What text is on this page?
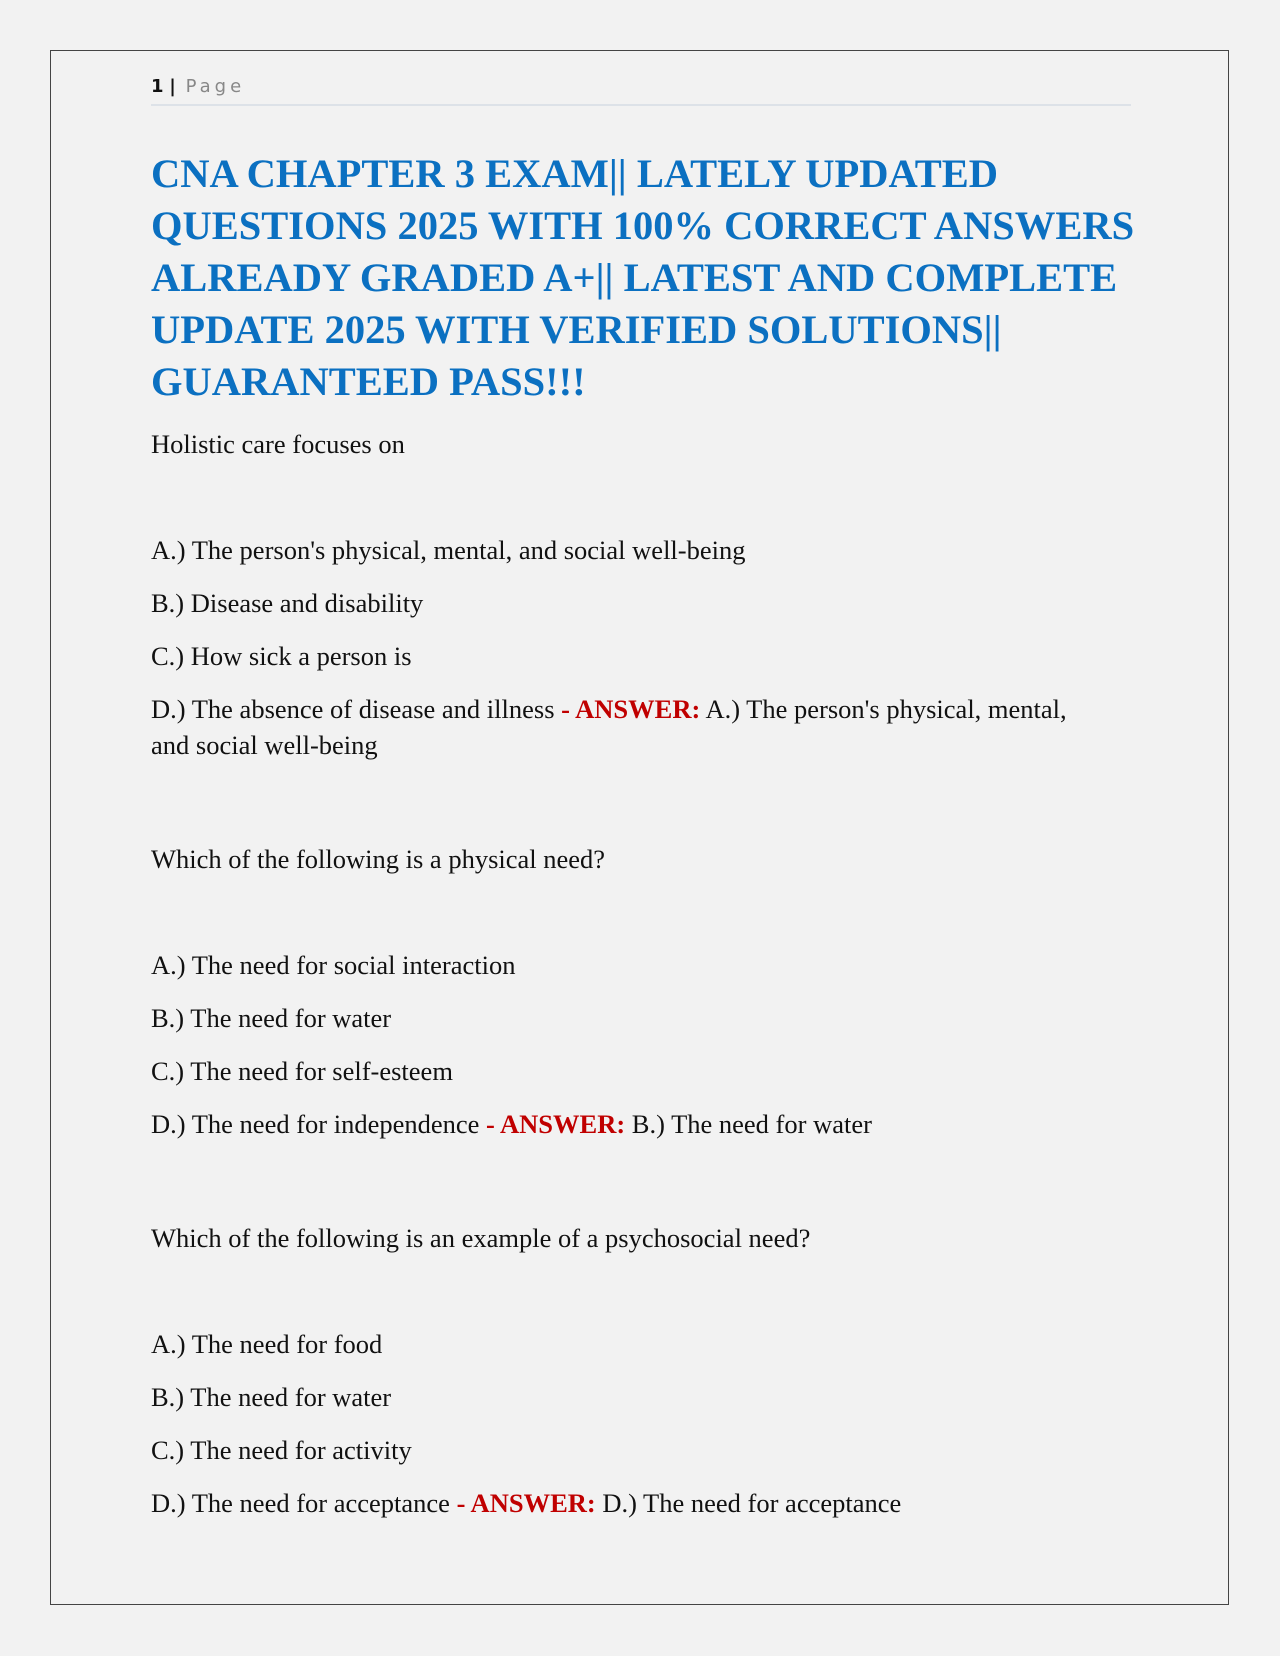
1 | Page
CNA CHAPTER 3 EXAM|| LATELY UPDATED QUESTIONS 2025 WITH 100% CORRECT ANSWERS ALREADY GRADED A+|| LATEST AND COMPLETE UPDATE 2025 WITH VERIFIED SOLUTIONS|| GUARANTEED PASS!!!

Holistic care focuses on

A.) The person's physical, mental, and social well-being

B.) Disease and disability

C.) How sick a person is

D.) The absence of disease and illness - ANSWER: A.) The person's physical, mental, and social well-being

Which of the following is a physical need?

A.) The need for social interaction

B.) The need for water

C.) The need for self-esteem

D.) The need for independence - ANSWER: B.) The need for water

Which of the following is an example of a psychosocial need?

A.) The need for food

B.) The need for water

C.) The need for activity

D.) The need for acceptance - ANSWER: D.) The need for acceptance
